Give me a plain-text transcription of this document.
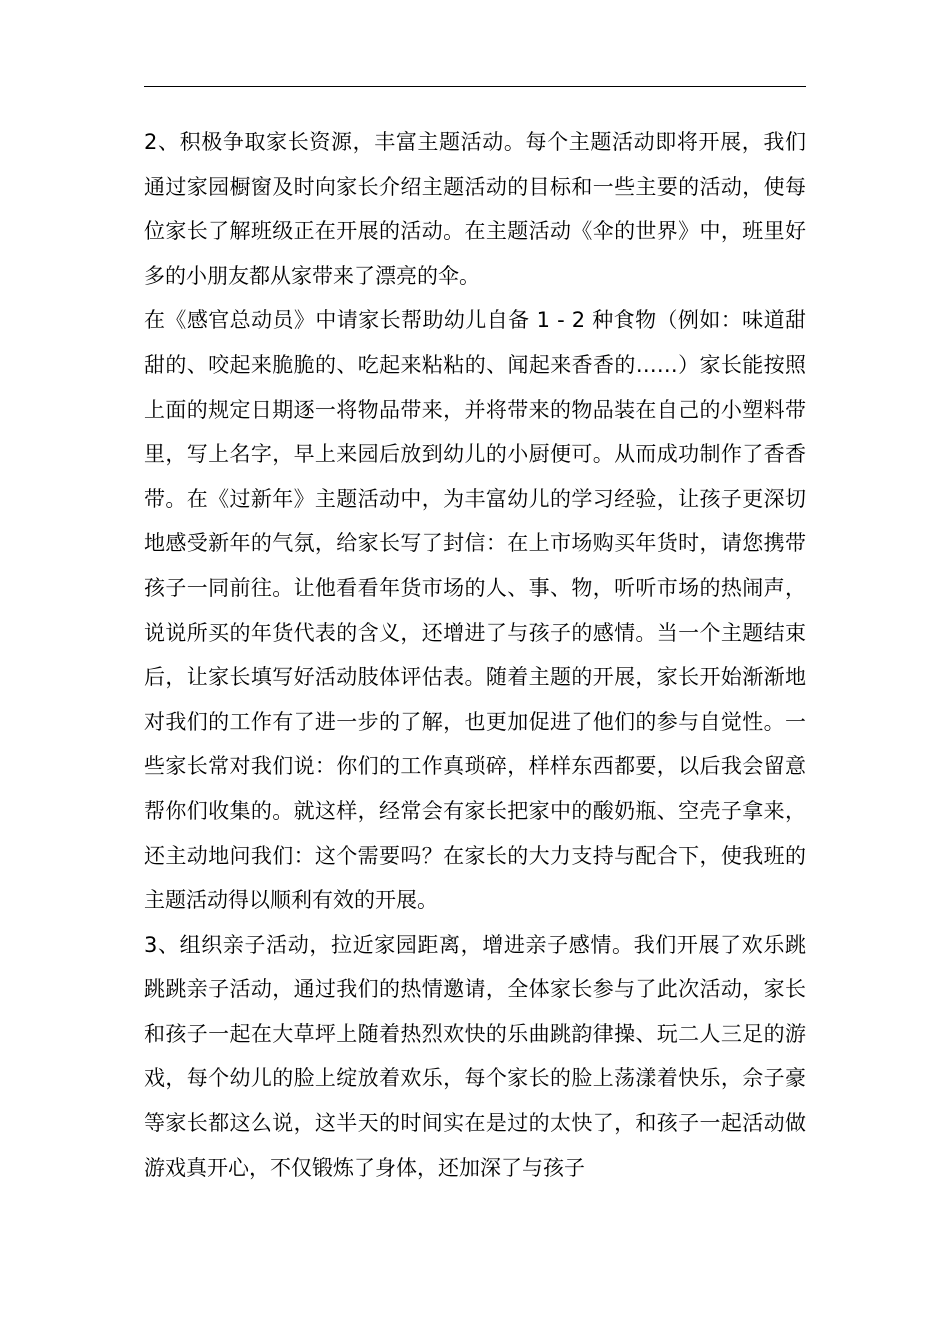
2、积极争取家长资源，丰富主题活动。每个主题活动即将开展，我们通过家园橱窗及时向家长介绍主题活动的目标和一些主要的活动，使每位家长了解班级正在开展的活动。在主题活动《伞的世界》中，班里好多的小朋友都从家带来了漂亮的伞。

在《感官总动员》中请家长帮助幼儿自备 1 - 2 种食物（例如：味道甜甜的、咬起来脆脆的、吃起来粘粘的、闻起来香香的……）家长能按照上面的规定日期逐一将物品带来，并将带来的物品装在自己的小塑料带里，写上名字，早上来园后放到幼儿的小厨便可。从而成功制作了香香带。在《过新年》主题活动中，为丰富幼儿的学习经验，让孩子更深切地感受新年的气氛，给家长写了封信：在上市场购买年货时，请您携带孩子一同前往。让他看看年货市场的人、事、物，听听市场的热闹声，说说所买的年货代表的含义，还增进了与孩子的感情。当一个主题结束后，让家长填写好活动肢体评估表。随着主题的开展，家长开始渐渐地对我们的工作有了进一步的了解，也更加促进了他们的参与自觉性。一些家长常对我们说：你们的工作真琐碎，样样东西都要，以后我会留意帮你们收集的。就这样，经常会有家长把家中的酸奶瓶、空壳子拿来，还主动地问我们：这个需要吗？在家长的大力支持与配合下，使我班的主题活动得以顺利有效的开展。

3、组织亲子活动，拉近家园距离，增进亲子感情。我们开展了欢乐跳跳跳亲子活动，通过我们的热情邀请，全体家长参与了此次活动，家长和孩子一起在大草坪上随着热烈欢快的乐曲跳韵律操、玩二人三足的游戏，每个幼儿的脸上绽放着欢乐，每个家长的脸上荡漾着快乐，佘子豪等家长都这么说，这半天的时间实在是过的太快了，和孩子一起活动做游戏真开心，不仅锻炼了身体，还加深了与孩子
